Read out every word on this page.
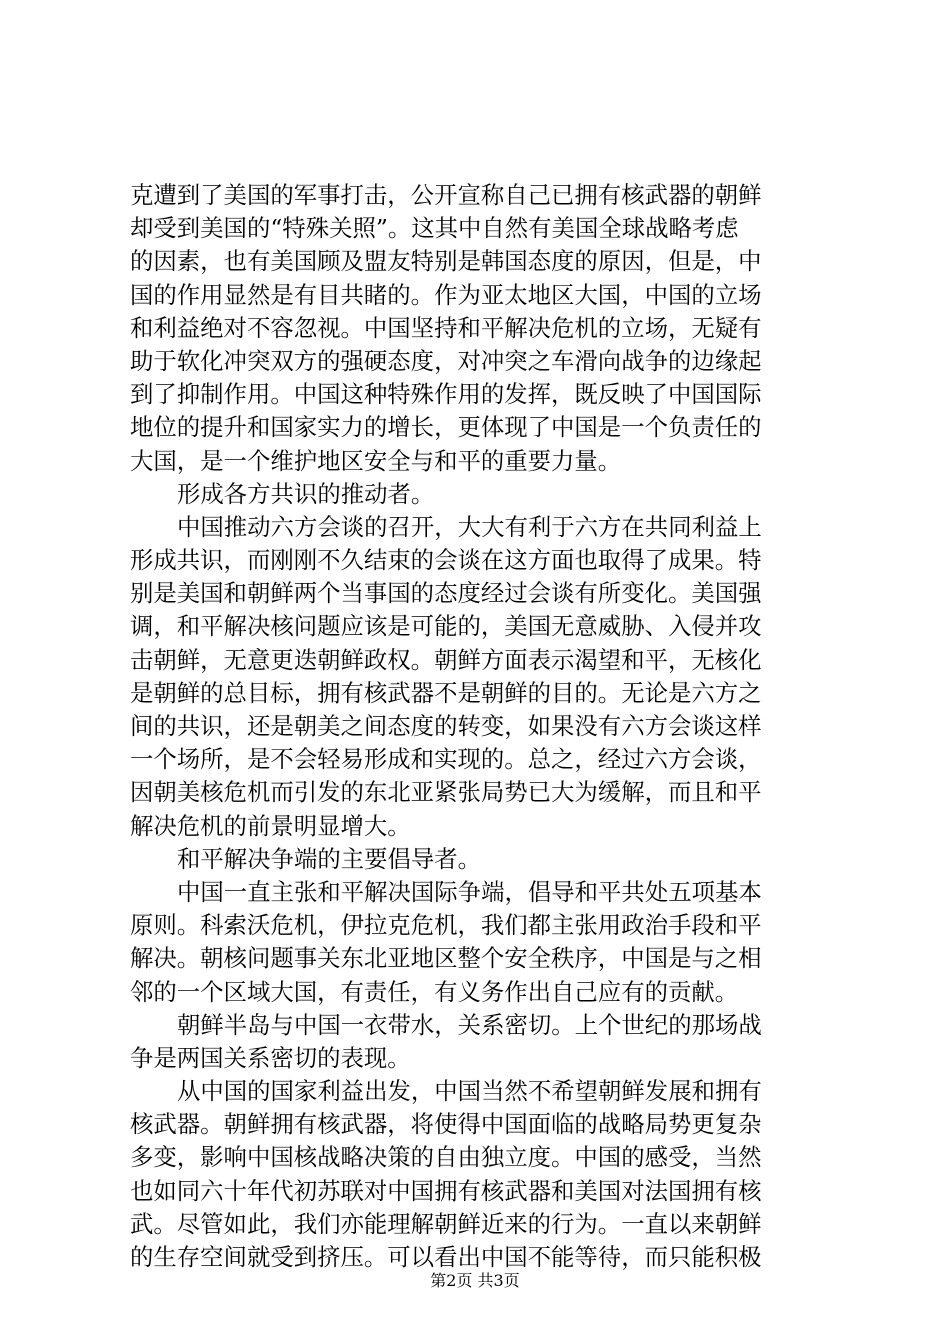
克遭到了美国的军事打击，公开宣称自己已拥有核武器的朝鲜
却受到美国的“特殊关照”。这其中自然有美国全球战略考虑
的因素，也有美国顾及盟友特别是韩国态度的原因，但是，中
国的作用显然是有目共睹的。作为亚太地区大国，中国的立场
和利益绝对不容忽视。中国坚持和平解决危机的立场，无疑有
助于软化冲突双方的强硬态度，对冲突之车滑向战争的边缘起
到了抑制作用。中国这种特殊作用的发挥，既反映了中国国际
地位的提升和国家实力的增长，更体现了中国是一个负责任的
大国，是一个维护地区安全与和平的重要力量。
形成各方共识的推动者。
中国推动六方会谈的召开，大大有利于六方在共同利益上
形成共识，而刚刚不久结束的会谈在这方面也取得了成果。特
别是美国和朝鲜两个当事国的态度经过会谈有所变化。美国强
调，和平解决核问题应该是可能的，美国无意威胁、入侵并攻
击朝鲜，无意更迭朝鲜政权。朝鲜方面表示渴望和平，无核化
是朝鲜的总目标，拥有核武器不是朝鲜的目的。无论是六方之
间的共识，还是朝美之间态度的转变，如果没有六方会谈这样
一个场所，是不会轻易形成和实现的。总之，经过六方会谈，
因朝美核危机而引发的东北亚紧张局势已大为缓解，而且和平
解决危机的前景明显增大。
和平解决争端的主要倡导者。
中国一直主张和平解决国际争端，倡导和平共处五项基本
原则。科索沃危机，伊拉克危机，我们都主张用政治手段和平
解决。朝核问题事关东北亚地区整个安全秩序，中国是与之相
邻的一个区域大国，有责任，有义务作出自己应有的贡献。
朝鲜半岛与中国一衣带水，关系密切。上个世纪的那场战
争是两国关系密切的表现。
从中国的国家利益出发，中国当然不希望朝鲜发展和拥有
核武器。朝鲜拥有核武器，将使得中国面临的战略局势更复杂
多变，影响中国核战略决策的自由独立度。中国的感受，当然
也如同六十年代初苏联对中国拥有核武器和美国对法国拥有核
武。尽管如此，我们亦能理解朝鲜近来的行为。一直以来朝鲜
的生存空间就受到挤压。可以看出中国不能等待，而只能积极
第2页 共3页
